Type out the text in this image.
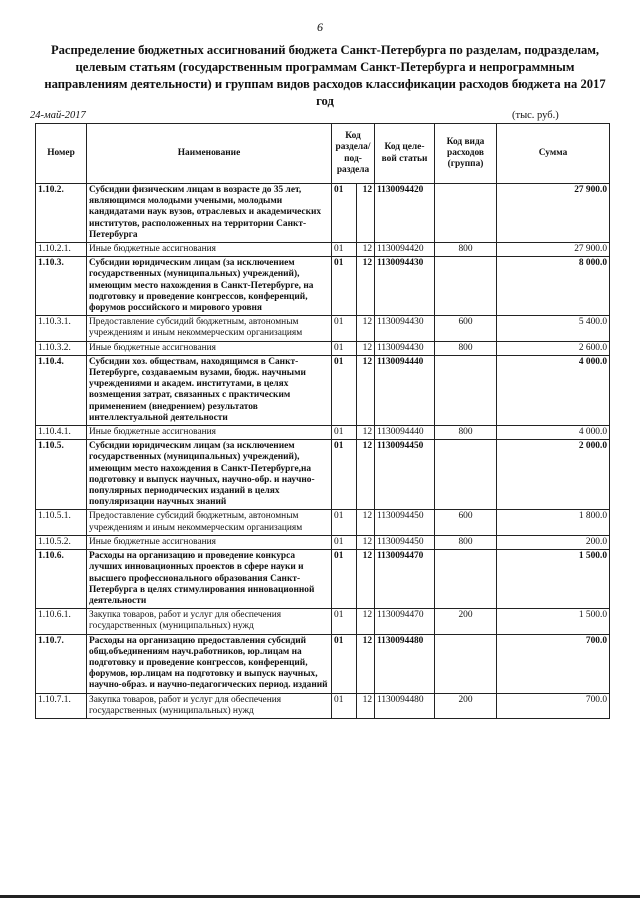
6
Распределение бюджетных ассигнований бюджета Санкт-Петербурга по разделам, подразделам, целевым статьям (государственным программам Санкт-Петербурга и непрограммным направлениям деятельности) и группам видов расходов классификации расходов бюджета на 2017 год
24-май-2017	(тыс. руб.)
Номер	Наименование	Код раздела/ под-раздела		Код целе-вой статьи	Код вида расходов (группа)	Сумма
1.10.2.	Субсидии физическим лицам в возрасте до 35 лет, являющимся молодыми учеными, молодыми кандидатами наук вузов, отраслевых и академических институтов, расположенных на территории Санкт-Петербурга	01	12	1130094420		27 900.0
1.10.2.1.	Иные бюджетные ассигнования	01	12	1130094420	800	27 900.0
1.10.3.	Субсидии юридическим лицам (за исключением государственных (муниципальных) учреждений), имеющим место нахождения в Санкт-Петербурге, на подготовку и проведение конгрессов, конференций, форумов российского и мирового уровня	01	12	1130094430		8 000.0
1.10.3.1.	Предоставление субсидий бюджетным, автономным учреждениям и иным некоммерческим организациям	01	12	1130094430	600	5 400.0
1.10.3.2.	Иные бюджетные ассигнования	01	12	1130094430	800	2 600.0
1.10.4.	Субсидии хоз. обществам, находящимся в Санкт-Петербурге, создаваемым вузами, бюдж. научными учреждениями и академ. институтами, в целях возмещения затрат, связанных с практическим применением (внедрением) результатов интеллектуальной деятельности	01	12	1130094440		4 000.0
1.10.4.1.	Иные бюджетные ассигнования	01	12	1130094440	800	4 000.0
1.10.5.	Субсидии юридическим лицам (за исключением государственных (муниципальных) учреждений), имеющим место нахождения в Санкт-Петербурге,на подготовку и выпуск научных, научно-обр. и научно-популярных периодических изданий в целях популяризации научных знаний	01	12	1130094450		2 000.0
1.10.5.1.	Предоставление субсидий бюджетным, автономным учреждениям и иным некоммерческим организациям	01	12	1130094450	600	1 800.0
1.10.5.2.	Иные бюджетные ассигнования	01	12	1130094450	800	200.0
1.10.6.	Расходы на организацию и проведение конкурса лучших инновационных проектов в сфере науки и высшего профессионального образования Санкт-Петербурга в целях стимулирования инновационной деятельности	01	12	1130094470		1 500.0
1.10.6.1.	Закупка товаров, работ и услуг для обеспечения государственных (муниципальных) нужд	01	12	1130094470	200	1 500.0
1.10.7.	Расходы на организацию предоставления субсидий общ.объединениям науч.работников, юр.лицам на подготовку и проведение конгрессов, конференций, форумов, юр.лицам на подготовку и выпуск научных, научно-образ. и научно-педагогических период. изданий	01	12	1130094480		700.0
1.10.7.1.	Закупка товаров, работ и услуг для обеспечения государственных (муниципальных) нужд	01	12	1130094480	200	700.0
